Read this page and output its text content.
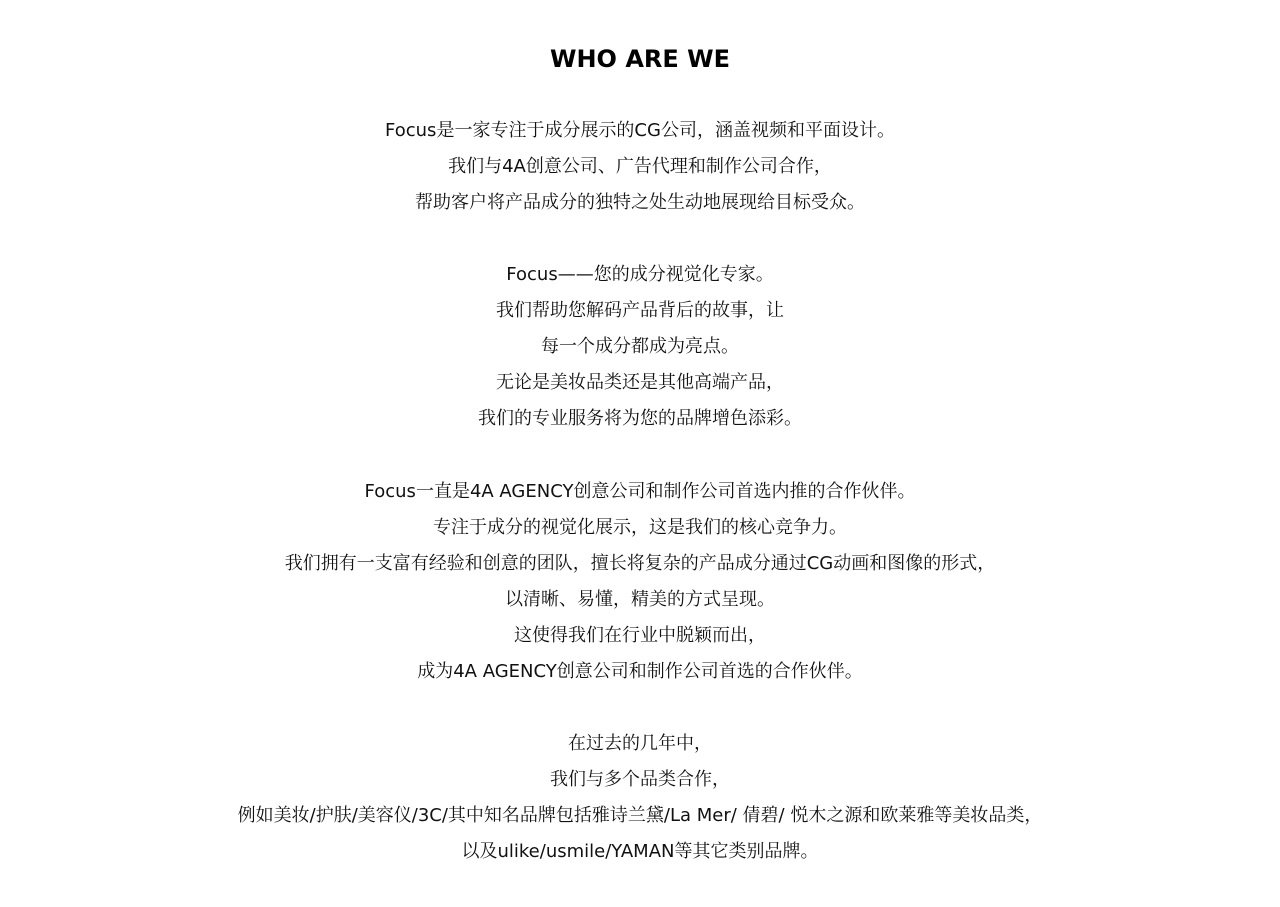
WHO ARE WE
Focus是一家专注于成分展示的CG公司，涵盖视频和平面设计。
我们与4A创意公司、广告代理和制作公司合作，
帮助客户将产品成分的独特之处生动地展现给目标受众。
Focus——您的成分视觉化专家。
我们帮助您解码产品背后的故事，让
每一个成分都成为亮点。
无论是美妆品类还是其他高端产品，
我们的专业服务将为您的品牌增色添彩。
Focus一直是4A AGENCY创意公司和制作公司首选内推的合作伙伴。
专注于成分的视觉化展示，这是我们的核心竞争力。
我们拥有一支富有经验和创意的团队，擅长将复杂的产品成分通过CG动画和图像的形式，
以清晰、易懂，精美的方式呈现。
这使得我们在行业中脱颖而出，
成为4A AGENCY创意公司和制作公司首选的合作伙伴。
在过去的几年中，
我们与多个品类合作，
例如美妆/护肤/美容仪/3C/其中知名品牌包括雅诗兰黛/La Mer/ 倩碧/ 悦木之源和欧莱雅等美妆品类，
以及ulike/usmile/YAMAN等其它类别品牌。
